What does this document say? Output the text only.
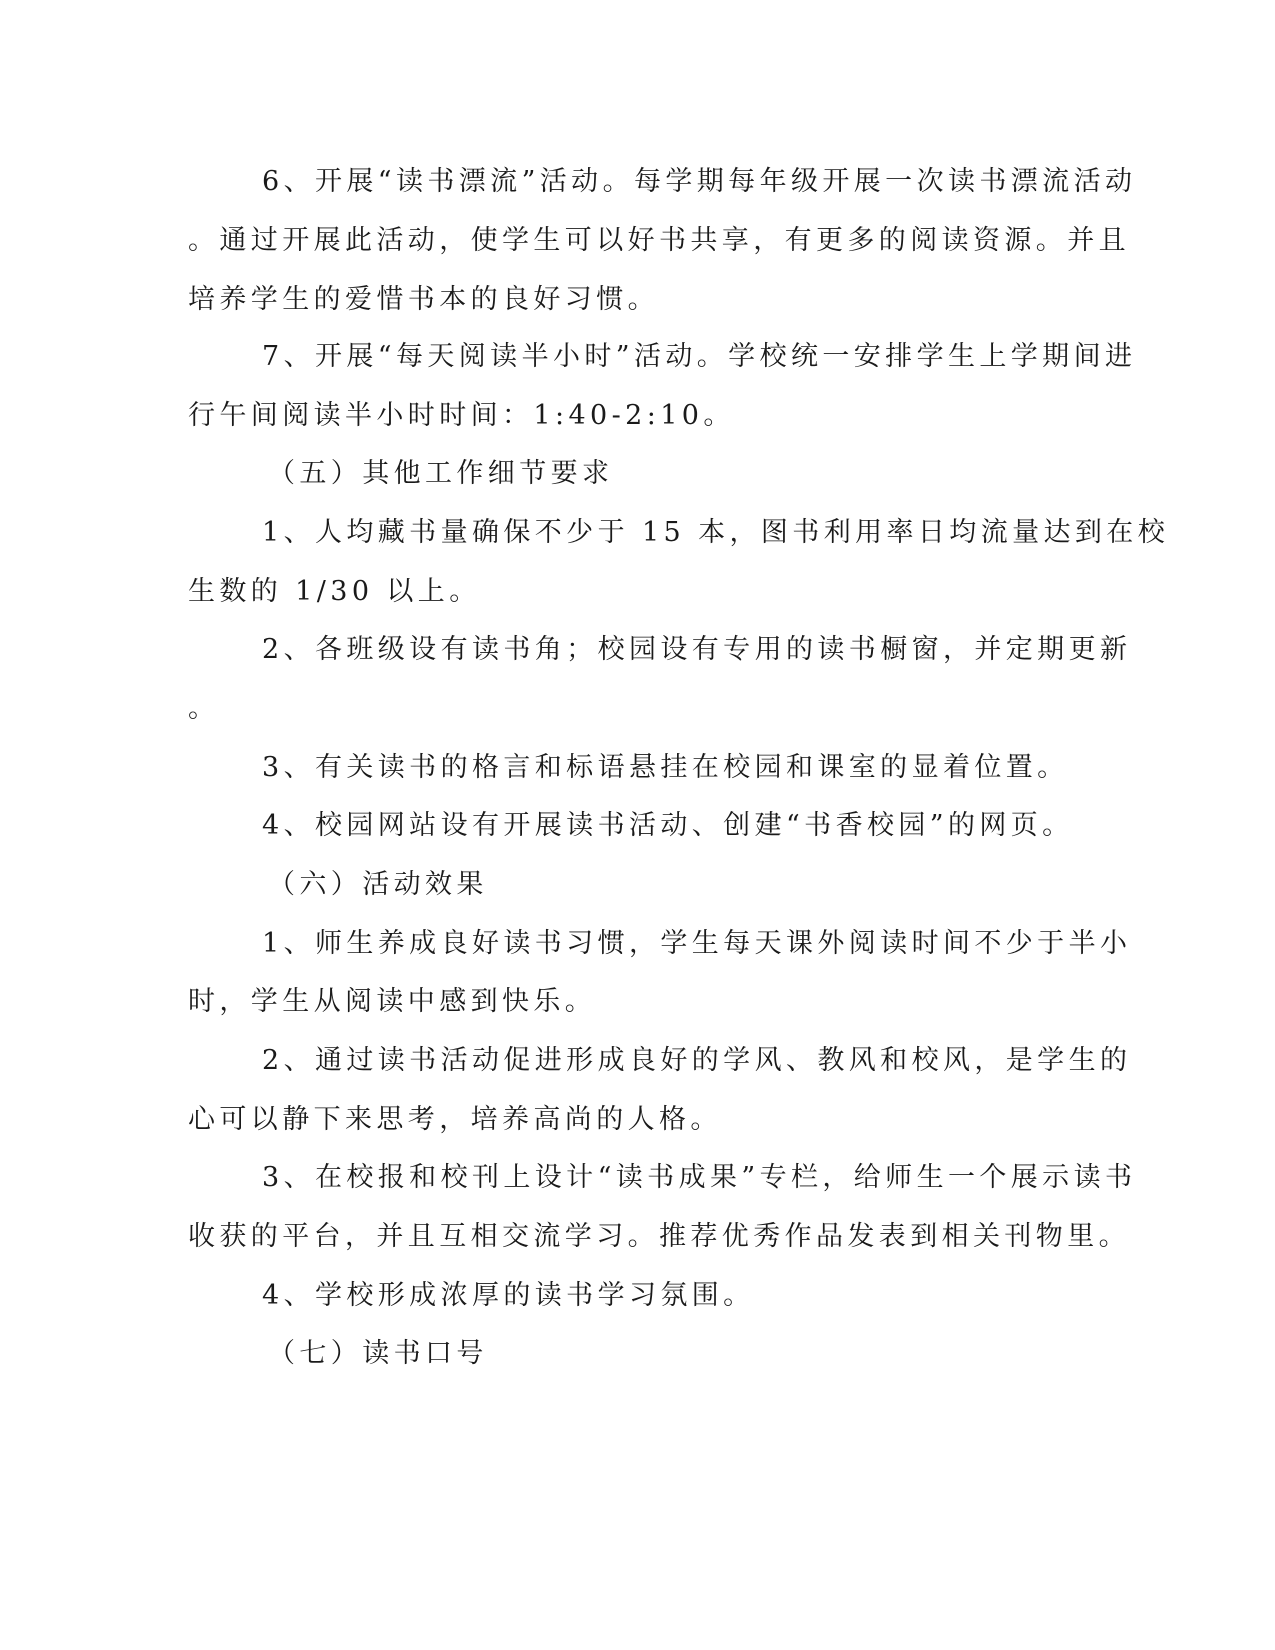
6、开展“读书漂流”活动。每学期每年级开展一次读书漂流活动
。通过开展此活动，使学生可以好书共享，有更多的阅读资源。并且
培养学生的爱惜书本的良好习惯。
7、开展“每天阅读半小时”活动。学校统一安排学生上学期间进
行午间阅读半小时时间：1:40-2:10。
（五）其他工作细节要求
1、人均藏书量确保不少于 15 本，图书利用率日均流量达到在校
生数的 1/30 以上。
2、各班级设有读书角；校园设有专用的读书橱窗，并定期更新
。
3、有关读书的格言和标语悬挂在校园和课室的显着位置。
4、校园网站设有开展读书活动、创建“书香校园”的网页。
（六）活动效果
1、师生养成良好读书习惯，学生每天课外阅读时间不少于半小
时，学生从阅读中感到快乐。
2、通过读书活动促进形成良好的学风、教风和校风，是学生的
心可以静下来思考，培养高尚的人格。
3、在校报和校刊上设计“读书成果”专栏，给师生一个展示读书
收获的平台，并且互相交流学习。推荐优秀作品发表到相关刊物里。
4、学校形成浓厚的读书学习氛围。
（七）读书口号
